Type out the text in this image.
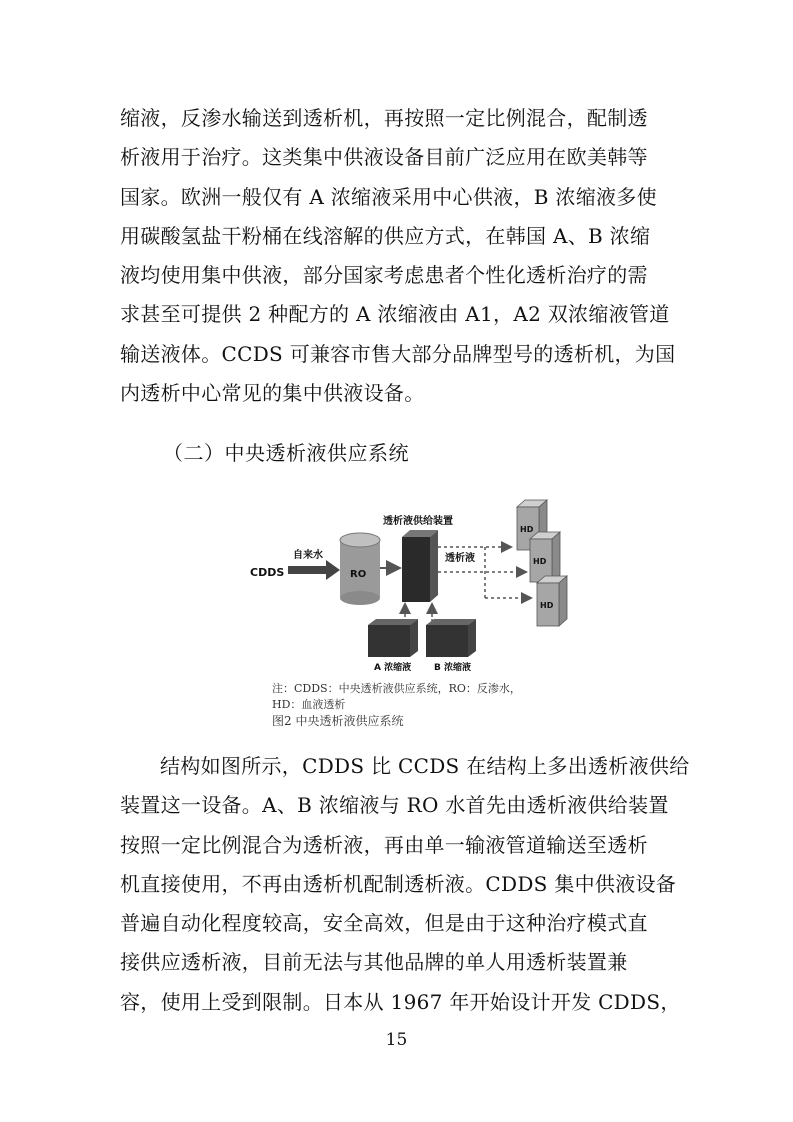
缩液，反渗水输送到透析机，再按照一定比例混合，配制透
析液用于治疗。这类集中供液设备目前广泛应用在欧美韩等
国家。欧洲一般仅有 A 浓缩液采用中心供液，B 浓缩液多使
用碳酸氢盐干粉桶在线溶解的供应方式，在韩国 A、B 浓缩
液均使用集中供液，部分国家考虑患者个性化透析治疗的需
求甚至可提供 2 种配方的 A 浓缩液由 A1，A2 双浓缩液管道
输送液体。CCDS 可兼容市售大部分品牌型号的透析机，为国
内透析中心常见的集中供液设备。
（二）中央透析液供应系统
CDDS
自来水
RO
透析液供给装置
透析液
HD
HD
HD
A 浓缩液	B 浓缩液
注：CDDS：中央透析液供应系统，RO：反渗水，
HD：血液透析
图2 中央透析液供应系统
结构如图所示，CDDS 比 CCDS 在结构上多出透析液供给
装置这一设备。A、B 浓缩液与 RO 水首先由透析液供给装置
按照一定比例混合为透析液，再由单一输液管道输送至透析
机直接使用，不再由透析机配制透析液。CDDS 集中供液设备
普遍自动化程度较高，安全高效，但是由于这种治疗模式直
接供应透析液，目前无法与其他品牌的单人用透析装置兼
容，使用上受到限制。日本从 1967 年开始设计开发 CDDS，
15
